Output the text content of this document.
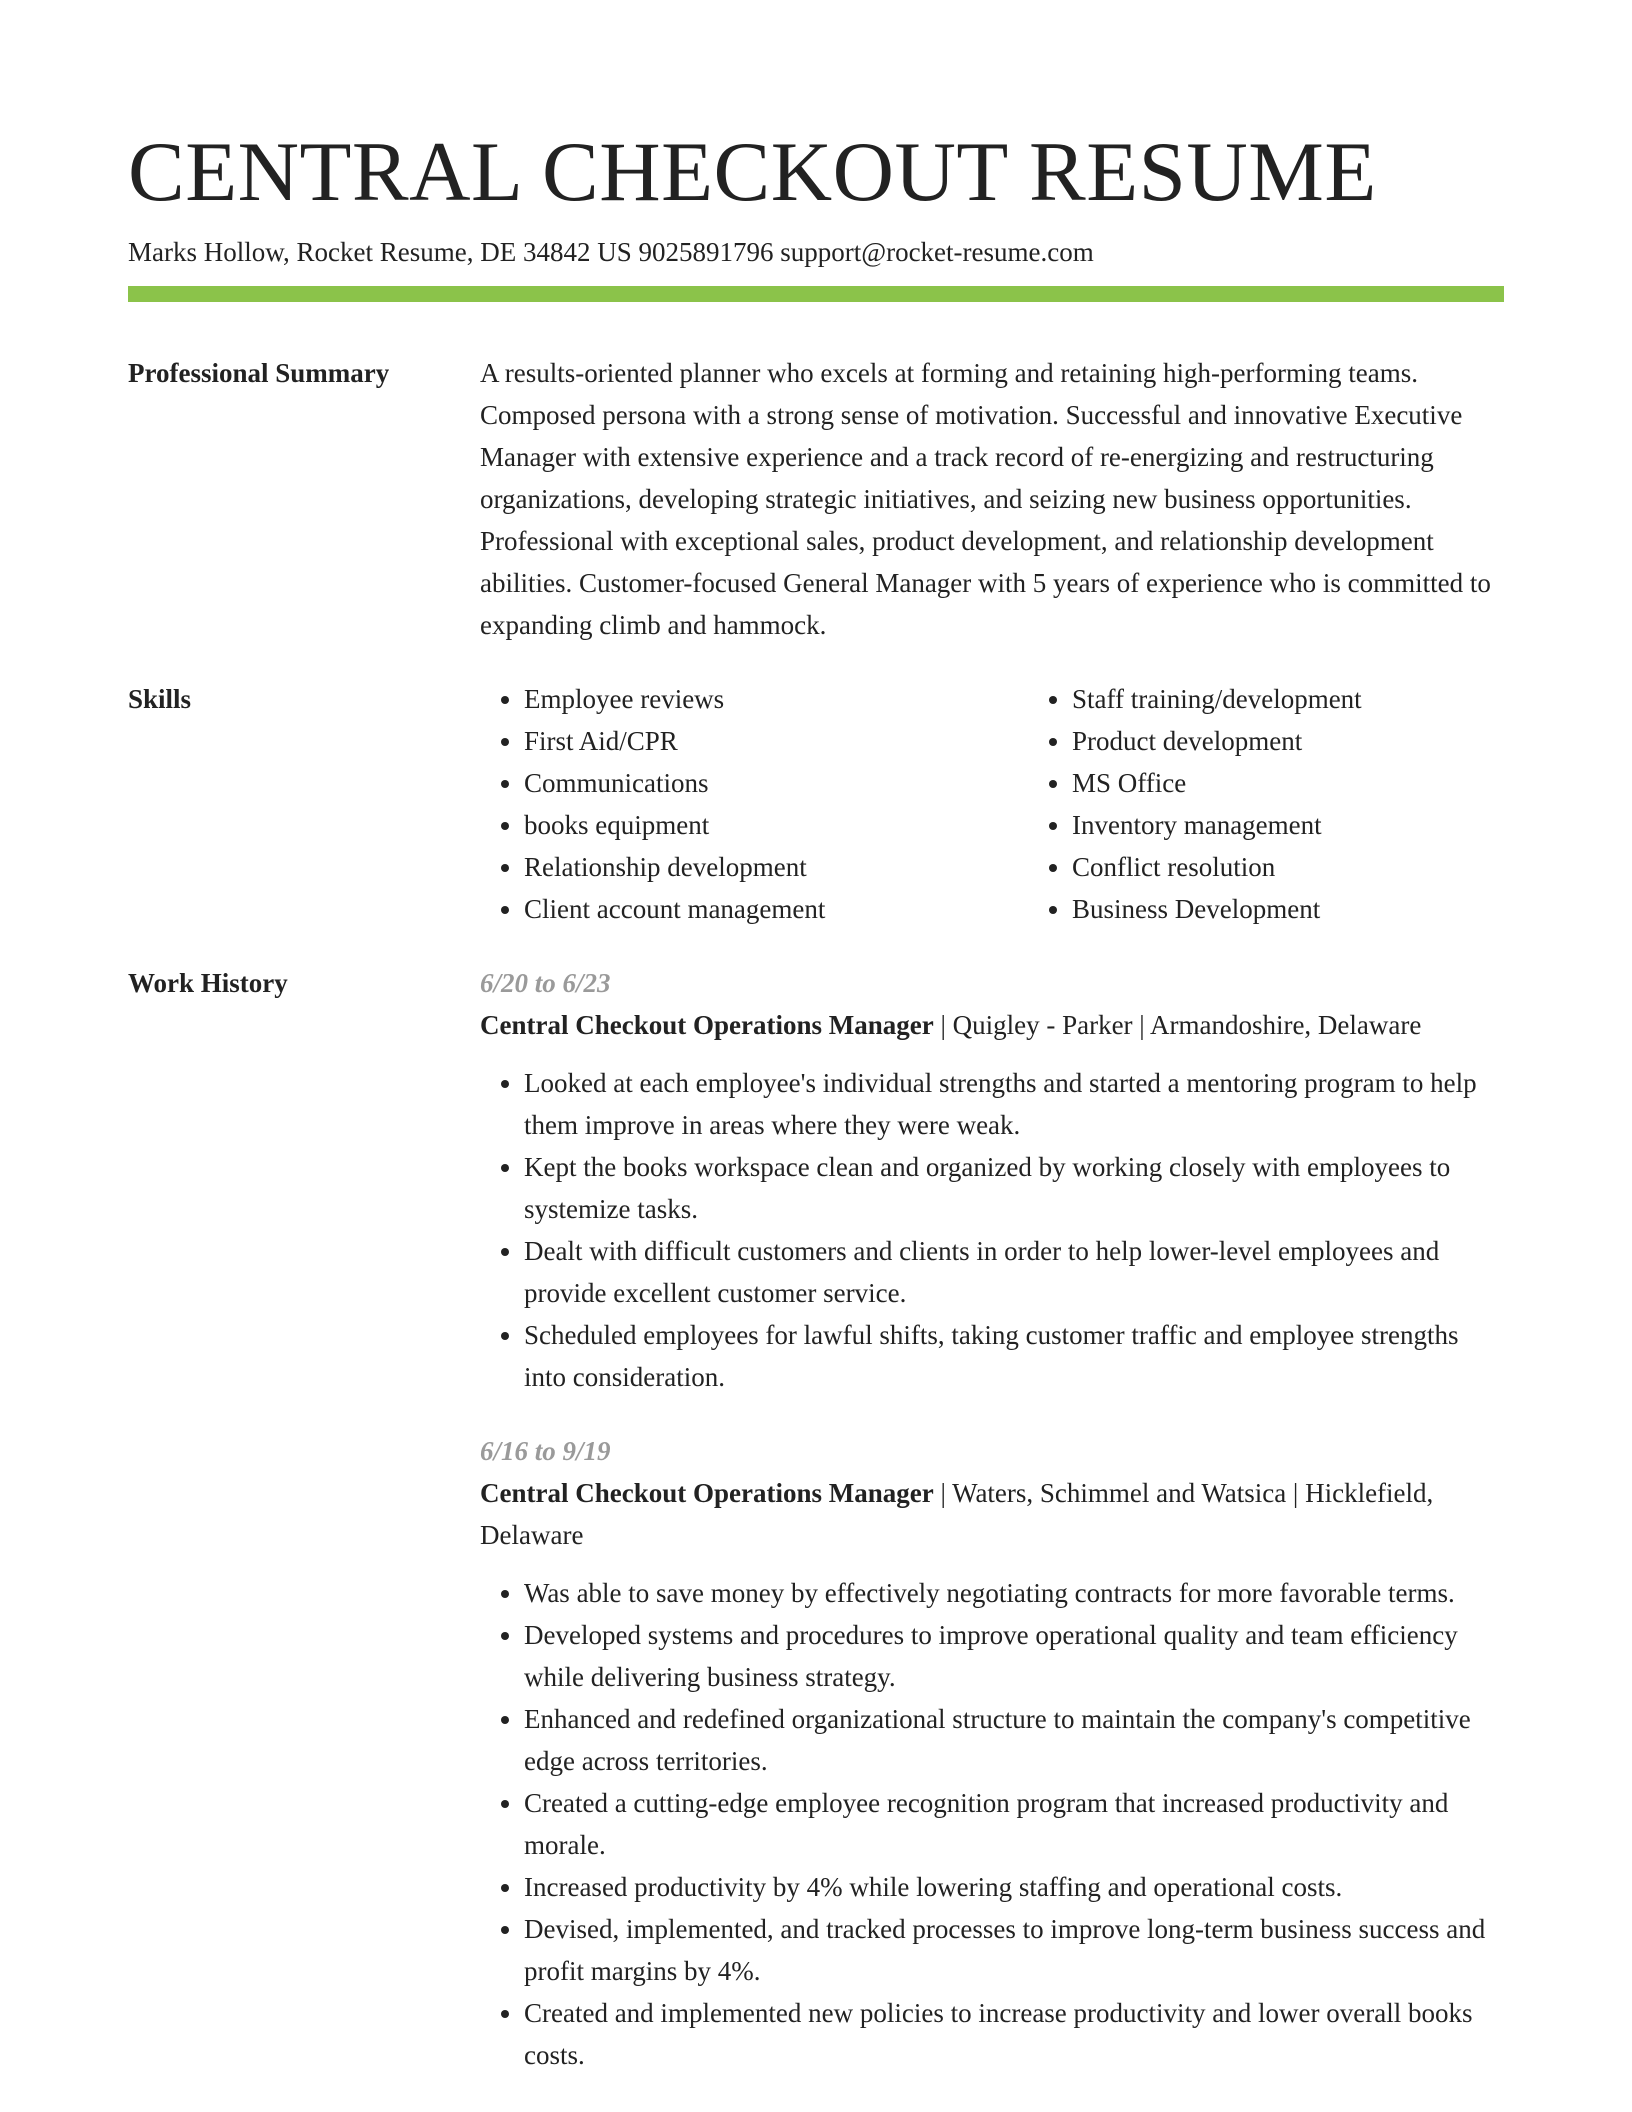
CENTRAL CHECKOUT RESUME
Marks Hollow, Rocket Resume, DE 34842 US 9025891796 support@rocket-resume.com
Professional Summary	A results-oriented planner who excels at forming and retaining high-performing teams. Composed persona with a strong sense of motivation. Successful and innovative Executive Manager with extensive experience and a track record of re-energizing and restructuring organizations, developing strategic initiatives, and seizing new business opportunities. Professional with exceptional sales, product development, and relationship development abilities. Customer-focused General Manager with 5 years of experience who is committed to expanding climb and hammock.
Skills
•	Employee reviews
• First Aid/CPR
• Communications
• books equipment
• Relationship development
• Client account management
• Staff training/development
• Product development
• MS Office
• Inventory management
• Conflict resolution
• Business Development
Work History	6/20 to 6/23
Central Checkout Operations Manager | Quigley - Parker | Armandoshire, Delaware
• Looked at each employee's individual strengths and started a mentoring program to help them improve in areas where they were weak.
• Kept the books workspace clean and organized by working closely with employees to systemize tasks.
• Dealt with difficult customers and clients in order to help lower-level employees and provide excellent customer service.
• Scheduled employees for lawful shifts, taking customer traffic and employee strengths into consideration.
6/16 to 9/19
Central Checkout Operations Manager | Waters, Schimmel and Watsica | Hicklefield, Delaware
• Was able to save money by effectively negotiating contracts for more favorable terms.
• Developed systems and procedures to improve operational quality and team efficiency while delivering business strategy.
• Enhanced and redefined organizational structure to maintain the company's competitive edge across territories.
• Created a cutting-edge employee recognition program that increased productivity and morale.
• Increased productivity by 4% while lowering staffing and operational costs.
• Devised, implemented, and tracked processes to improve long-term business success and profit margins by 4%.
• Created and implemented new policies to increase productivity and lower overall books costs.
